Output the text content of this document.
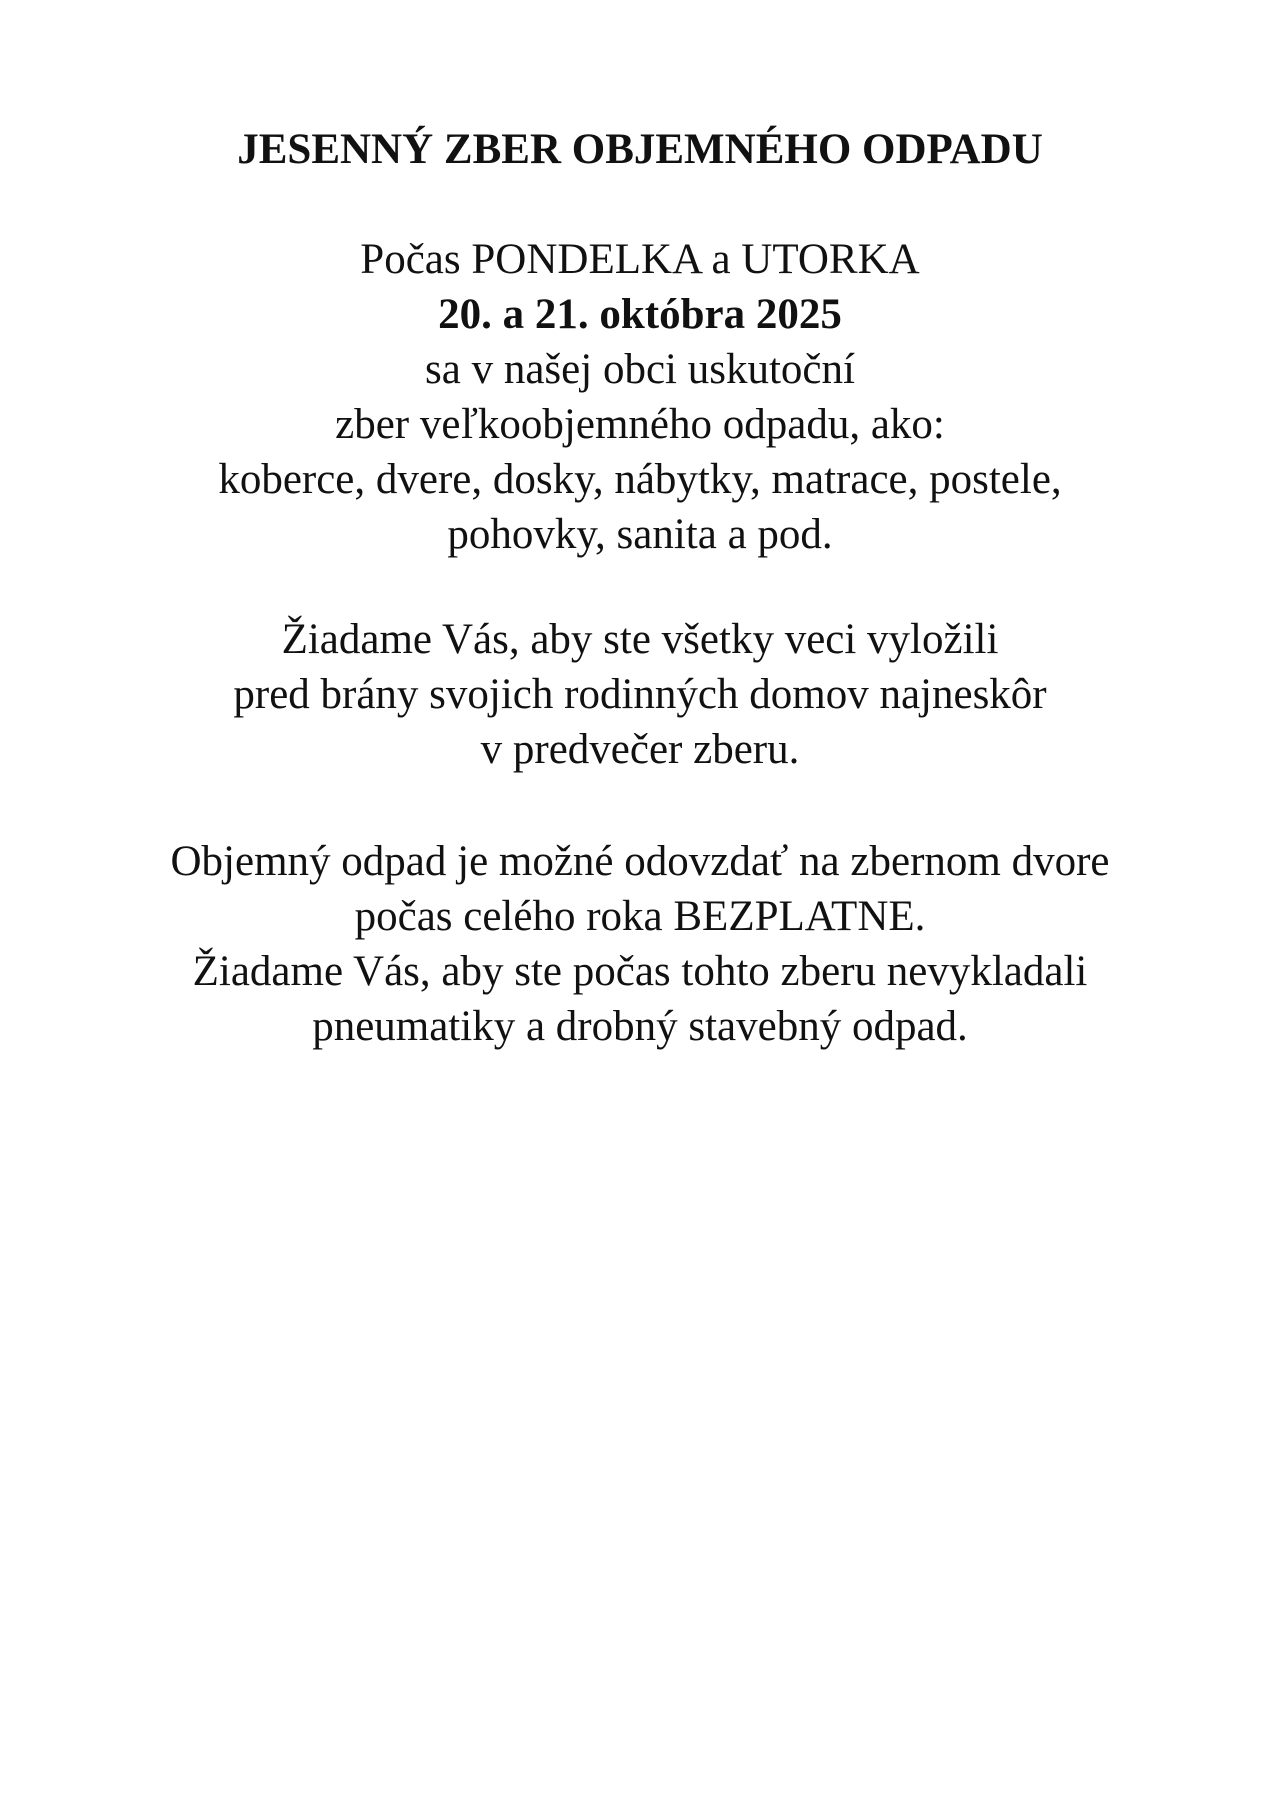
JESENNÝ ZBER OBJEMNÉHO ODPADU
Počas PONDELKA a UTORKA
20. a 21. októbra 2025
sa v našej obci uskutoční
zber veľkoobjemného odpadu, ako:
koberce, dvere, dosky, nábytky, matrace, postele,
pohovky, sanita a pod.
Žiadame Vás, aby ste všetky veci vyložili
pred brány svojich rodinných domov najneskôr
v predvečer zberu.
Objemný odpad je možné odovzdať na zbernom dvore
počas celého roka BEZPLATNE.
Žiadame Vás, aby ste počas tohto zberu nevykladali
pneumatiky a drobný stavebný odpad.
